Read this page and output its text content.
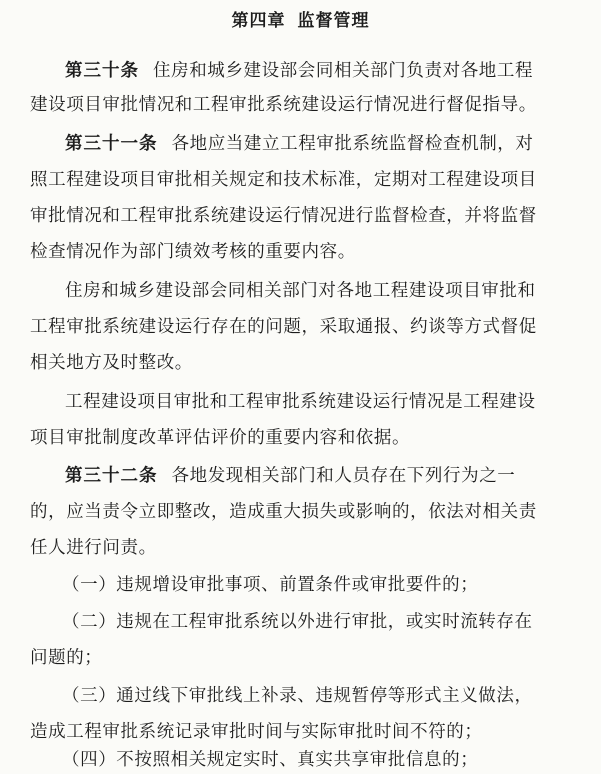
第四章 监督管理
第三十条 住房和城乡建设部会同相关部门负责对各地工程
建设项目审批情况和工程审批系统建设运行情况进行督促指导。
第三十一条 各地应当建立工程审批系统监督检查机制，对
照工程建设项目审批相关规定和技术标准，定期对工程建设项目
审批情况和工程审批系统建设运行情况进行监督检查，并将监督
检查情况作为部门绩效考核的重要内容。
住房和城乡建设部会同相关部门对各地工程建设项目审批和
工程审批系统建设运行存在的问题，采取通报、约谈等方式督促
相关地方及时整改。
工程建设项目审批和工程审批系统建设运行情况是工程建设
项目审批制度改革评估评价的重要内容和依据。
第三十二条 各地发现相关部门和人员存在下列行为之一
的，应当责令立即整改，造成重大损失或影响的，依法对相关责
任人进行问责。
（一）违规增设审批事项、前置条件或审批要件的；
（二）违规在工程审批系统以外进行审批，或实时流转存在
问题的；
（三）通过线下审批线上补录、违规暂停等形式主义做法，
造成工程审批系统记录审批时间与实际审批时间不符的；
（四）不按照相关规定实时、真实共享审批信息的；
